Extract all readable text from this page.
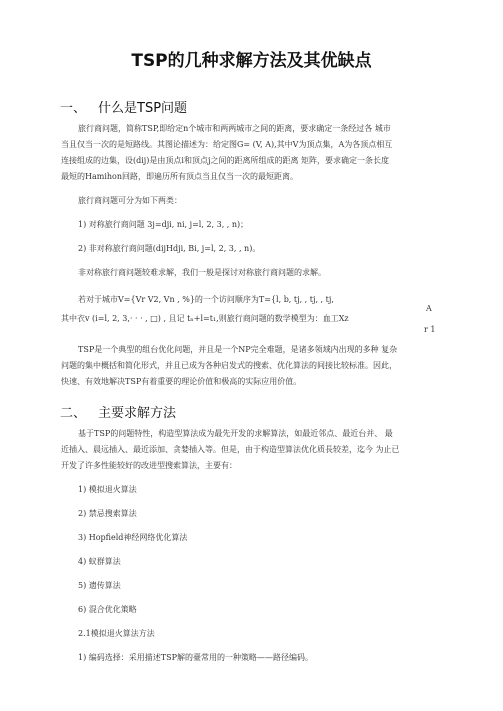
TSP的几种求解方法及其优缺点
一、 什么是TSP问题
旅行商问题，简称TSP,即给定n个城市和两两城市之间的距离，要求确定一条经过各 城市
当且仅当一次的是短路线。其图论描述为：给定图G= (V, A),其中V为顶点集，A为各顶点相互
连接组成的边集，设(dij)是由顶点i和顶点j之间的距离所组成的距离 矩阵，要求确定一条长度
最短的Hamihon回路，即遍历所有顶点当且仅当一次的最短距离。
旅行商问题可分为如下两类：
1) 对称旅行商问题 3j=dji, ni, j=l, 2, 3, , n)；
2) 非对称旅行商问题(dijHdji, Bi, j=l, 2, 3, , n)。
非对称旅行商问题较难求解，我们一般是探讨对称旅行商问题的求解。
若对于城市V={Vr V2, Vn , %}的一个访问顺序为T={l, b, tj, , tj, , tj,
A
其中衣v (i=l, 2, 3,· · · , □) , 且记 tₙ+l=t₁,则旅行商问题的数学模型为：血工Xz
r 1
TSP是一个典型的组台优化问题，并且是一个NP完全难题，是诸多领域内出现的多种 复杂
问题的集中概括和简化形式，并且已成为各种启发式的搜索、优化算法的间接比较标准。因此，
快速、有效地解决TSP有着重要的理论价值和极高的实际应用价值。
二、 主要求解方法
基于TSP的问题特性，构造型算法成为最先开发的求解算法，如最近邻点、最近台并、 最
近插入、晨远插入、最近添加、贪婪插入等。但是，由于构造型算法优化质長较差，迄今 为止已
开发了许多性能较好的改进型搜索算法，主要有：
1) 模拟退火算法
2) 禁忌搜索算法
3) Hopfield神经网络优化算法
4) 蚁群算法
5) 遗传算法
6) 混合优化策略
2.1模拟退火算法方法
1) 编码选择：采用描述TSP解的臺常用的一种策略——路径编码。
